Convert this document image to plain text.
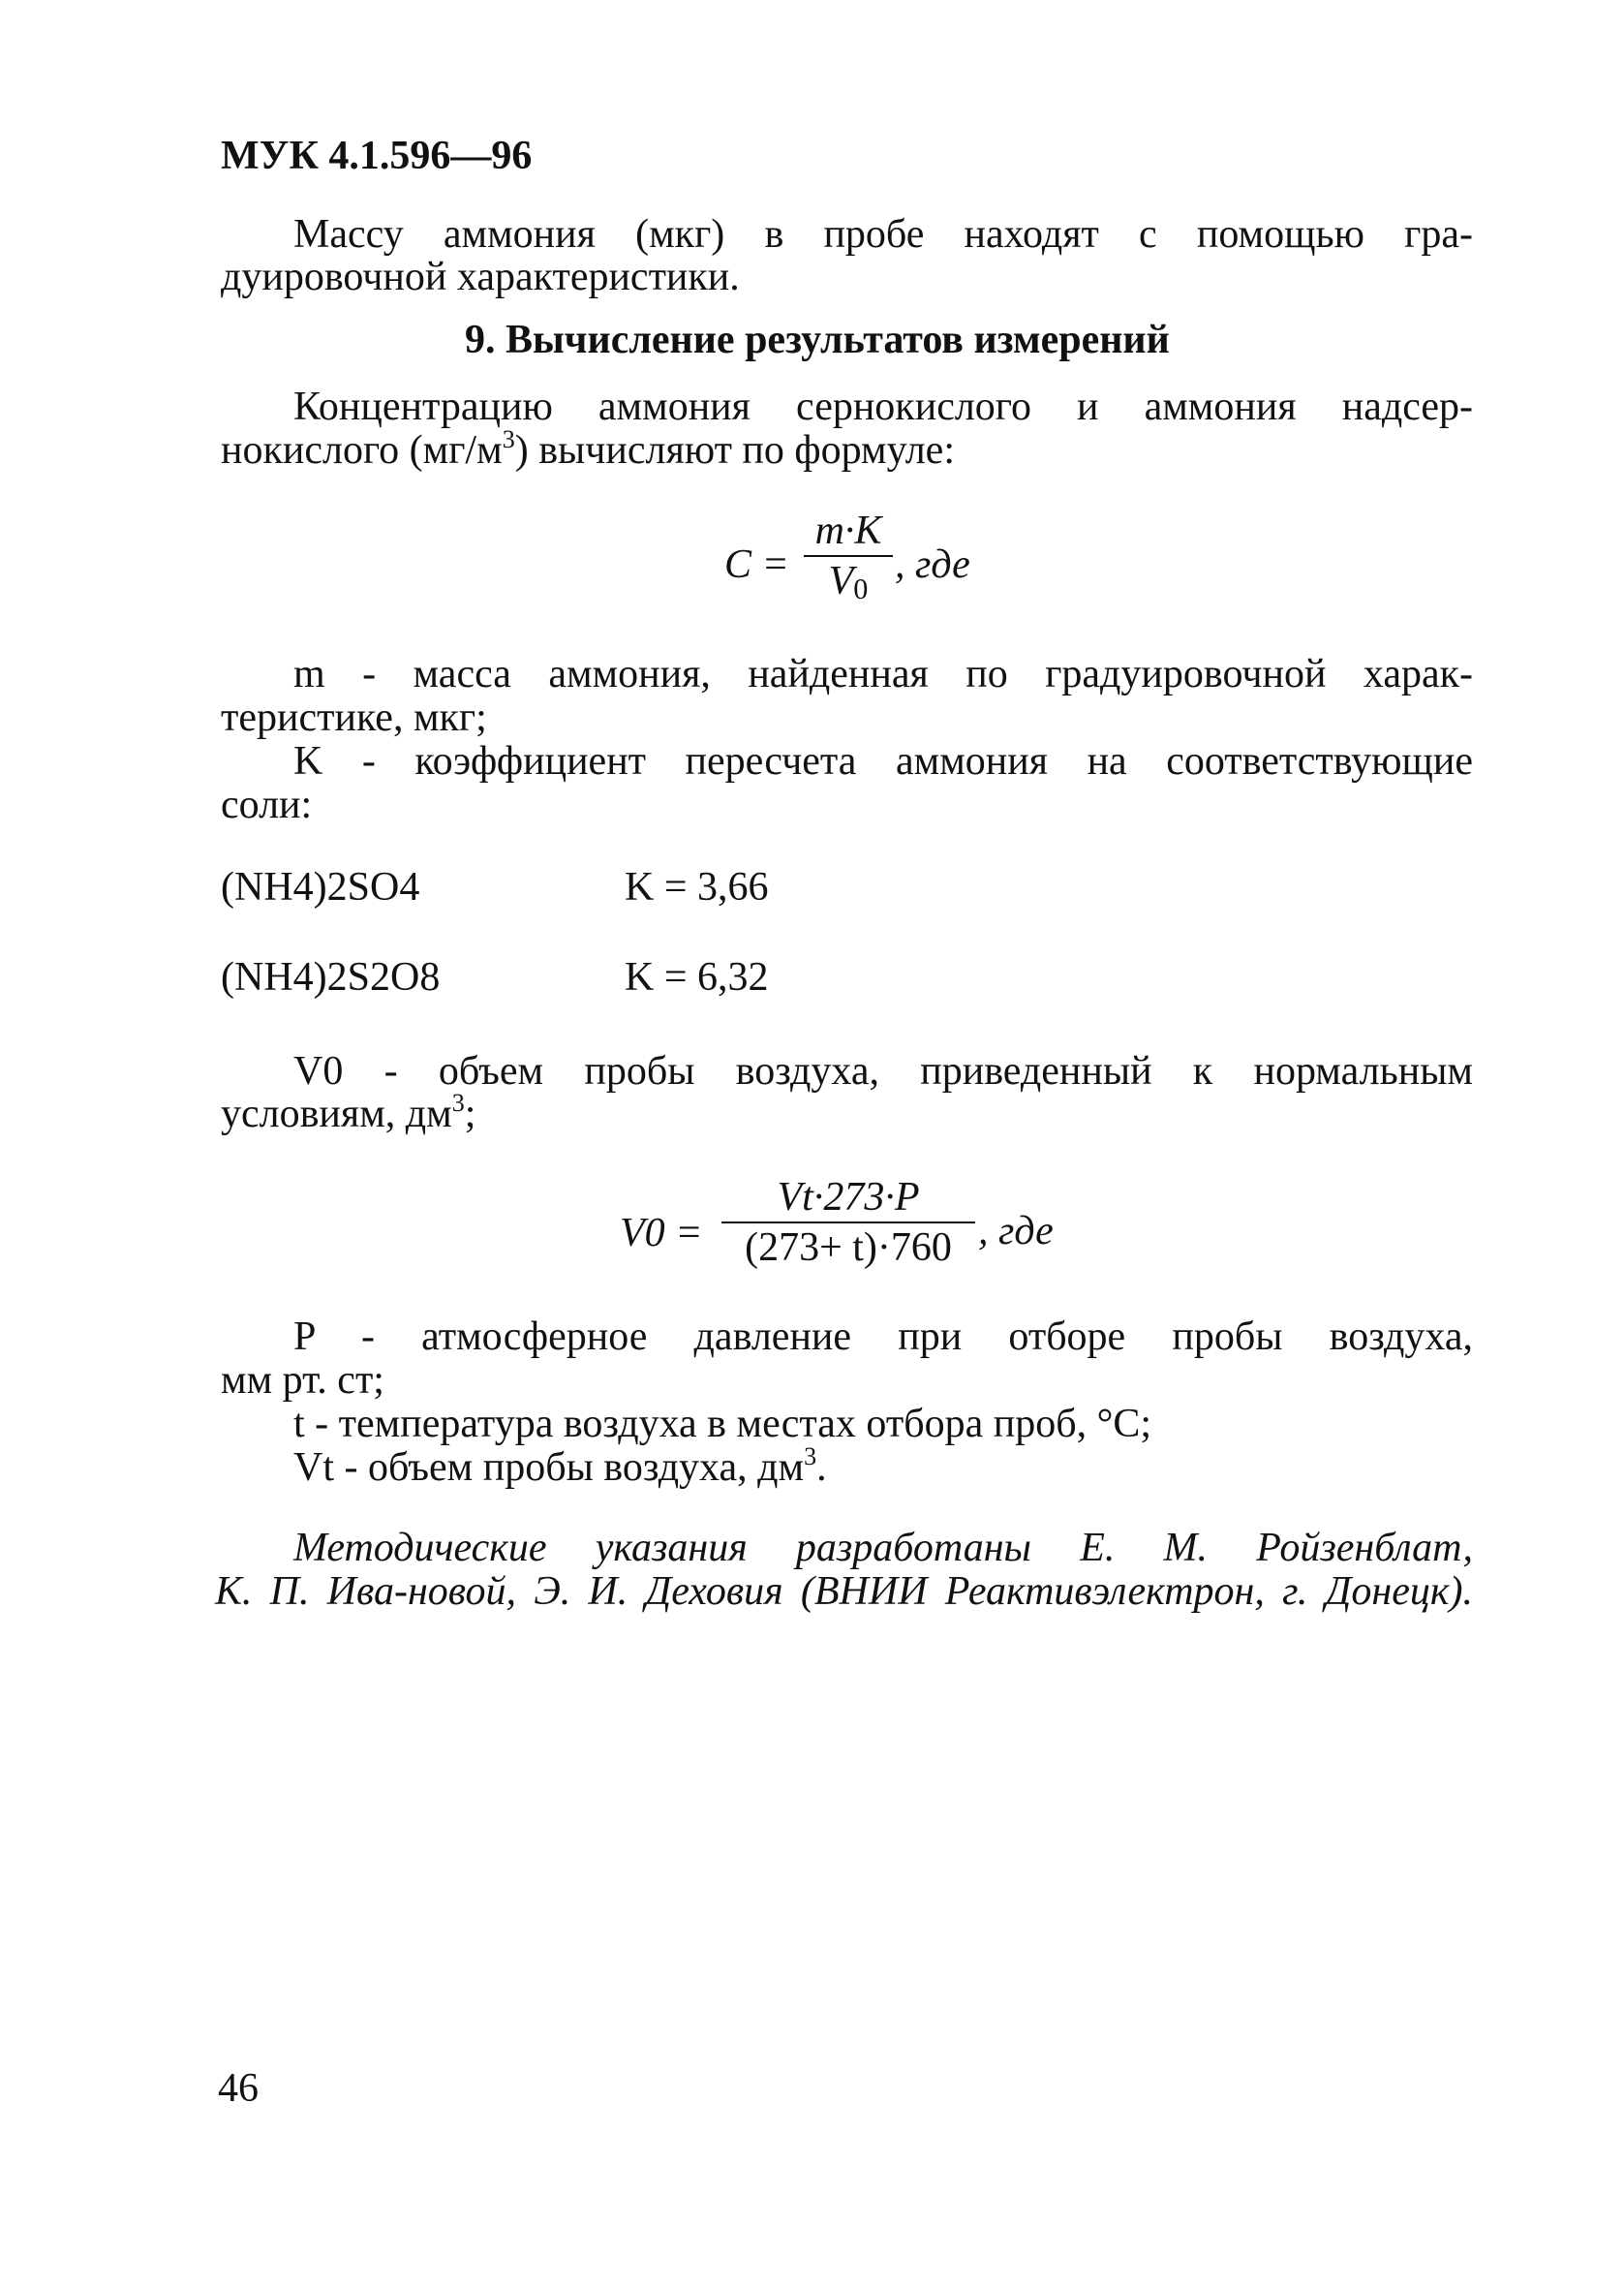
МУК 4.1.596—96
Массу аммония (мкг) в пробе находят с помощью гра-
дуировочной характеристики.
9. Вычисление результатов измерений
Концентрацию аммония сернокислого и аммония надсер-
нокислого $(мг/м^3)$ вычисляют по формуле:
C =
m·K
V0
, где
m - масса аммония, найденная по градуировочной харак-
теристике, мкг;
K - коэффициент пересчета аммония на соответствующие
соли:
(NH4)2SO4	K = 3,66
(NH4)2S2O8	K = 6,32
V0 - объем пробы воздуха, приведенный к нормальным
условиям, $дм^3$;
V0 =
Vt·273·P
(273+ t)·760 , где
P - атмосферное давление при отборе пробы воздуха,
мм рт. ст;
t - температура воздуха в местах отбора проб, °С;
Vt - объем пробы воздуха, $дм^3$.
Методические указания разработаны Е. М. Ройзенблат,
К. П. Ива-новой, Э. И. Деховия (ВНИИ Реактивэлектрон, г. Донецк).
46
